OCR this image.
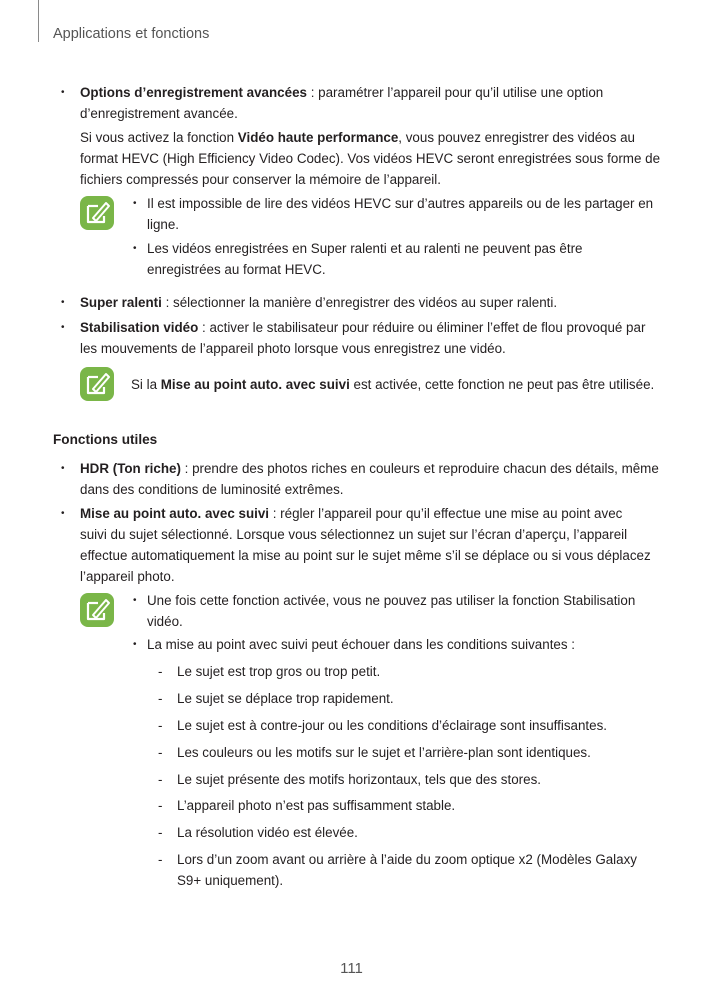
Applications et fonctions
• Options d’enregistrement avancées : paramétrer l’appareil pour qu’il utilise une option
d’enregistrement avancée.
Si vous activez la fonction Vidéo haute performance, vous pouvez enregistrer des vidéos au
format HEVC (High Efficiency Video Codec). Vos vidéos HEVC seront enregistrées sous forme de
fichiers compressés pour conserver la mémoire de l’appareil.
• Il est impossible de lire des vidéos HEVC sur d’autres appareils ou de les partager en
ligne.
• Les vidéos enregistrées en Super ralenti et au ralenti ne peuvent pas être
enregistrées au format HEVC.
• Super ralenti : sélectionner la manière d’enregistrer des vidéos au super ralenti.
• Stabilisation vidéo : activer le stabilisateur pour réduire ou éliminer l’effet de flou provoqué par
les mouvements de l’appareil photo lorsque vous enregistrez une vidéo.
Si la Mise au point auto. avec suivi est activée, cette fonction ne peut pas être utilisée.
Fonctions utiles
• HDR (Ton riche) : prendre des photos riches en couleurs et reproduire chacun des détails, même
dans des conditions de luminosité extrêmes.
• Mise au point auto. avec suivi : régler l’appareil pour qu’il effectue une mise au point avec
suivi du sujet sélectionné. Lorsque vous sélectionnez un sujet sur l’écran d’aperçu, l’appareil
effectue automatiquement la mise au point sur le sujet même s’il se déplace ou si vous déplacez
l’appareil photo.
• Une fois cette fonction activée, vous ne pouvez pas utiliser la fonction Stabilisation
vidéo.
• La mise au point avec suivi peut échouer dans les conditions suivantes :
- Le sujet est trop gros ou trop petit.
- Le sujet se déplace trop rapidement.
- Le sujet est à contre-jour ou les conditions d’éclairage sont insuffisantes.
- Les couleurs ou les motifs sur le sujet et l’arrière-plan sont identiques.
- Le sujet présente des motifs horizontaux, tels que des stores.
- L’appareil photo n’est pas suffisamment stable.
- La résolution vidéo est élevée.
- Lors d’un zoom avant ou arrière à l’aide du zoom optique x2 (Modèles Galaxy
S9+ uniquement).
111
